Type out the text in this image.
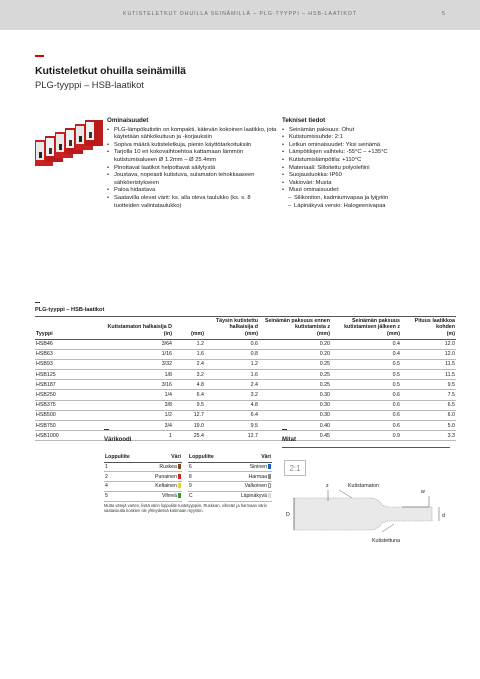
KUTISTELETKUT OHUILLA SEINÄMILLÄ – PLG-TYYPPI – HSB-LAATIKOT	5
Kutisteletkut ohuilla seinämillä
PLG-tyyppi – HSB-laatikot
Ominaisuudet
• PLG-lämpökutistin on kompakti, kätevän kokoinen laatikko, jota käytetään sähkökuituun ja -korjauksiin
• Sopiva määrä kutisteletkuja, pienin käyttötarkoituksiin
• Tarjolla 10 eri kokovaihtoehtoa kattamaan lämmön kutistumisalueen Ø 1.2mm – Ø 25.4mm
• Pinottavat laatikot helpottavat säilytystä
• Joustava, nopeasti kutistuva, sulamaton tehokkaaseen sähköeristykseen
• Paloa hidastava
• Saatavilla olevat värit: ks. alla oleva taulukko (ks. s. 8 tuotteiden valintataulukko)
Tekniset tiedot
• Seinämän paksuus: Ohut
• Kutistumissuhde: 2:1
• Letkun ominaisuudet: Yksi seinämä
• Lämpötilojen vaihtelu: -55°C – +135°C
• Kutistumislämpötila: +110°C
• Materiaali: Silloitettu polyolefiini
• Suojausluokka: IP60
• Vakioväri: Musta
• Muut ominaisuudet:
– Silikoniton, kadmiumvapaa ja lyijytön
– Läpinäkyvä versio: Halogeenivapaa
PLG-tyyppi – HSB-laatikot
	Kutistamaton halkaisija D		Täysin kutistettu halkaisija d	Seinämän paksuus ennen kutistamista z	Seinämän paksuus kutistamisen jälkeen z	Pituus laatikkoa kohden
Tyyppi	(in)	(mm)	(mm)	(mm)	(mm)	(m)
HSB46	3/64	1.2	0.6	0.20	0.4	12.0
HSB63	1/16	1.6	0.8	0.20	0.4	12.0
HSB93	3/32	2.4	1.2	0.25	0.5	11.5
HSB125	1/8	3.2	1.6	0.25	0.5	11.5
HSB187	3/16	4.8	2.4	0.25	0.5	9.5
HSB250	1/4	6.4	3.2	0.30	0.6	7.5
HSB375	3/8	9.5	4.8	0.30	0.6	6.5
HSB500	1/2	12.7	6.4	0.30	0.6	6.0
HSB750	3/4	19.0	9.5	0.40	0.6	5.0
HSB1000	1	25.4	12.7	0.45	0.9	3.3
Värikoodi
Loppuliite	Väri		Loppuliite	Väri
1	Ruskea		6	Sininen
2	Punainen		8	Harmaa
4	Keltainen		9	Valkoinen
5	Vihreä		C	Läpinäkyvä
Mutta värejä varten, lisää värin loppuliite tuotetyyppiin. Ruskean, vihreän ja harmaan värin saatavuutta koskien ole yhteydessä kotimaan myyntiin.
Mitat
2:1
D
z	Kutistamaton
w
d
Kutistettuna
